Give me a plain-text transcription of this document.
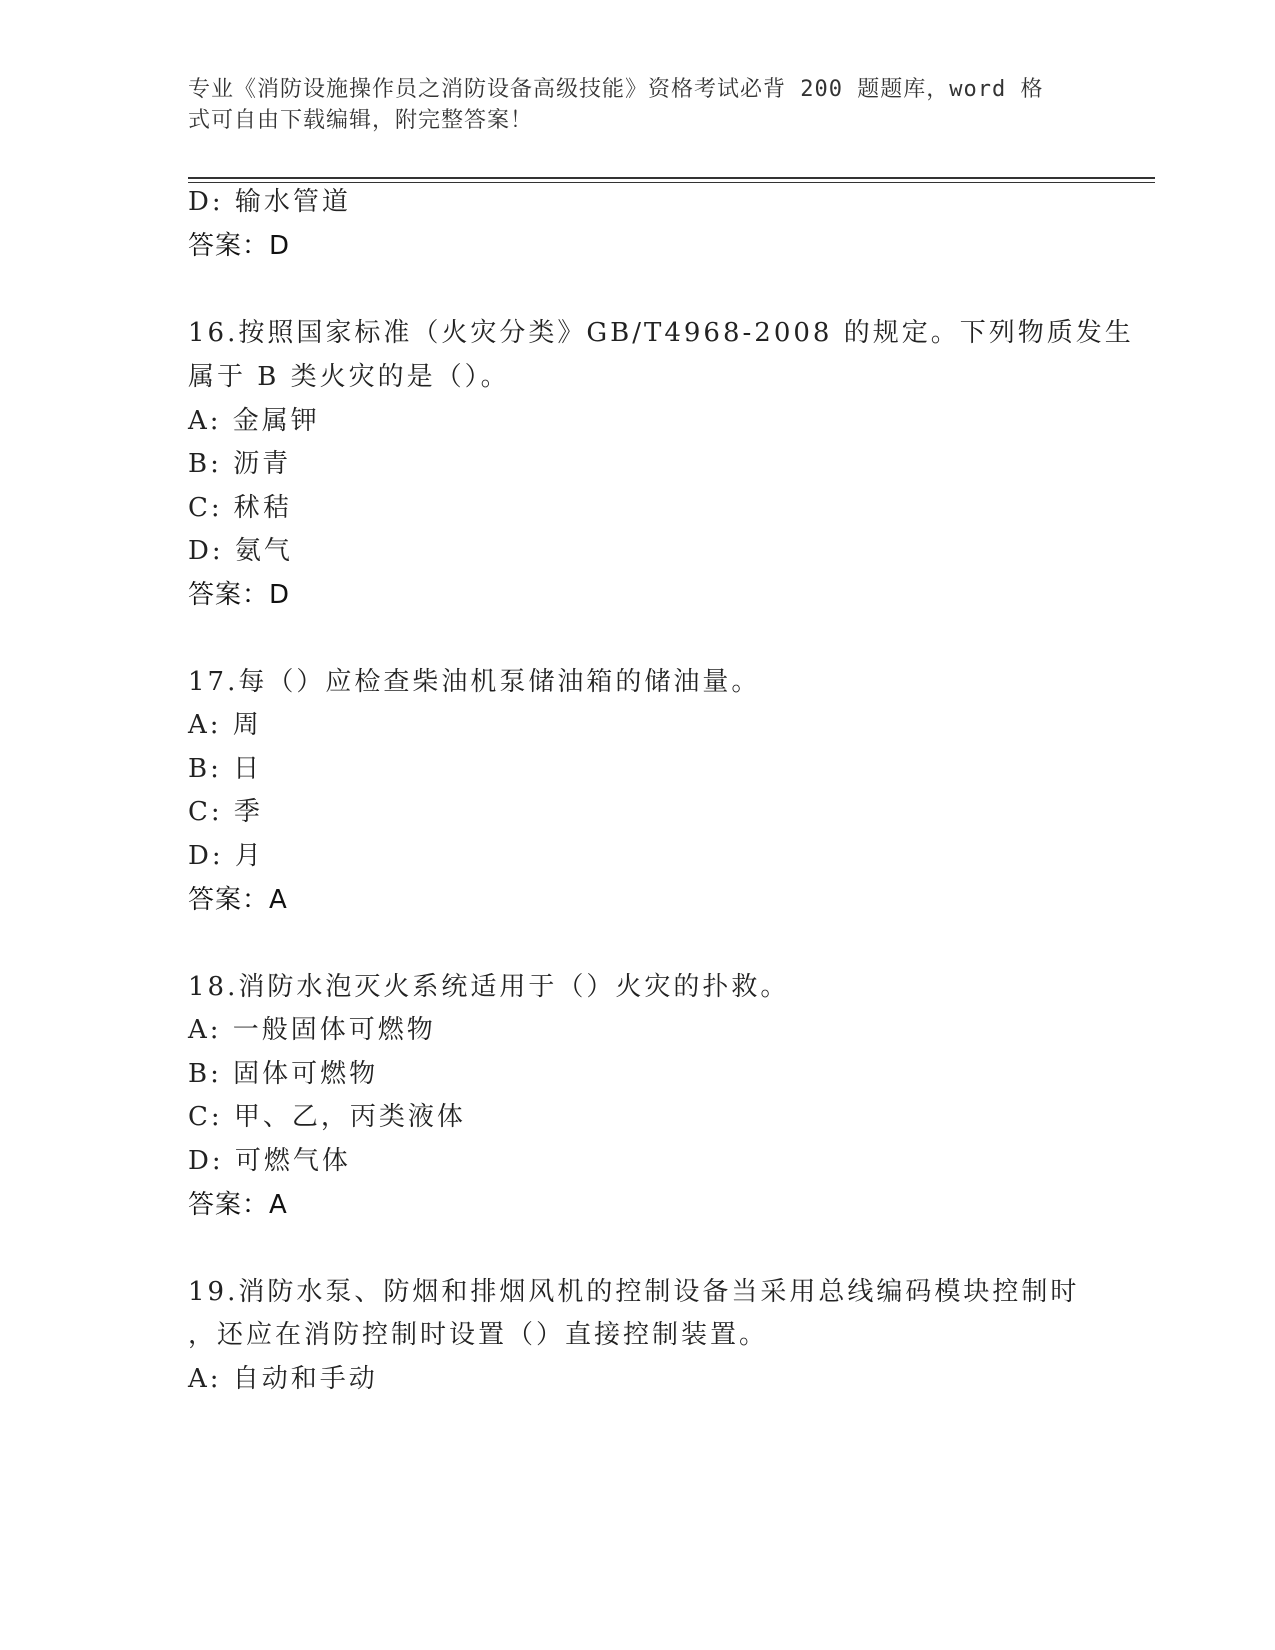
专业《消防设施操作员之消防设备高级技能》资格考试必背 200 题题库，word 格
式可自由下载编辑，附完整答案！
D: 输水管道
答案：D
16.按照国家标准（火灾分类》GB/T4968-2008 的规定。下列物质发生
属于 B 类火灾的是（）。
A: 金属钾
B: 沥青
C: 秫秸
D: 氨气
答案：D
17.每（）应检查柴油机泵储油箱的储油量。
A: 周
B: 日
C: 季
D: 月
答案：A
18.消防水泡灭火系统适用于（）火灾的扑救。
A: 一般固体可燃物
B: 固体可燃物
C: 甲、乙，丙类液体
D: 可燃气体
答案：A
19.消防水泵、防烟和排烟风机的控制设备当采用总线编码模块控制时
，还应在消防控制时设置（）直接控制装置。
A: 自动和手动
